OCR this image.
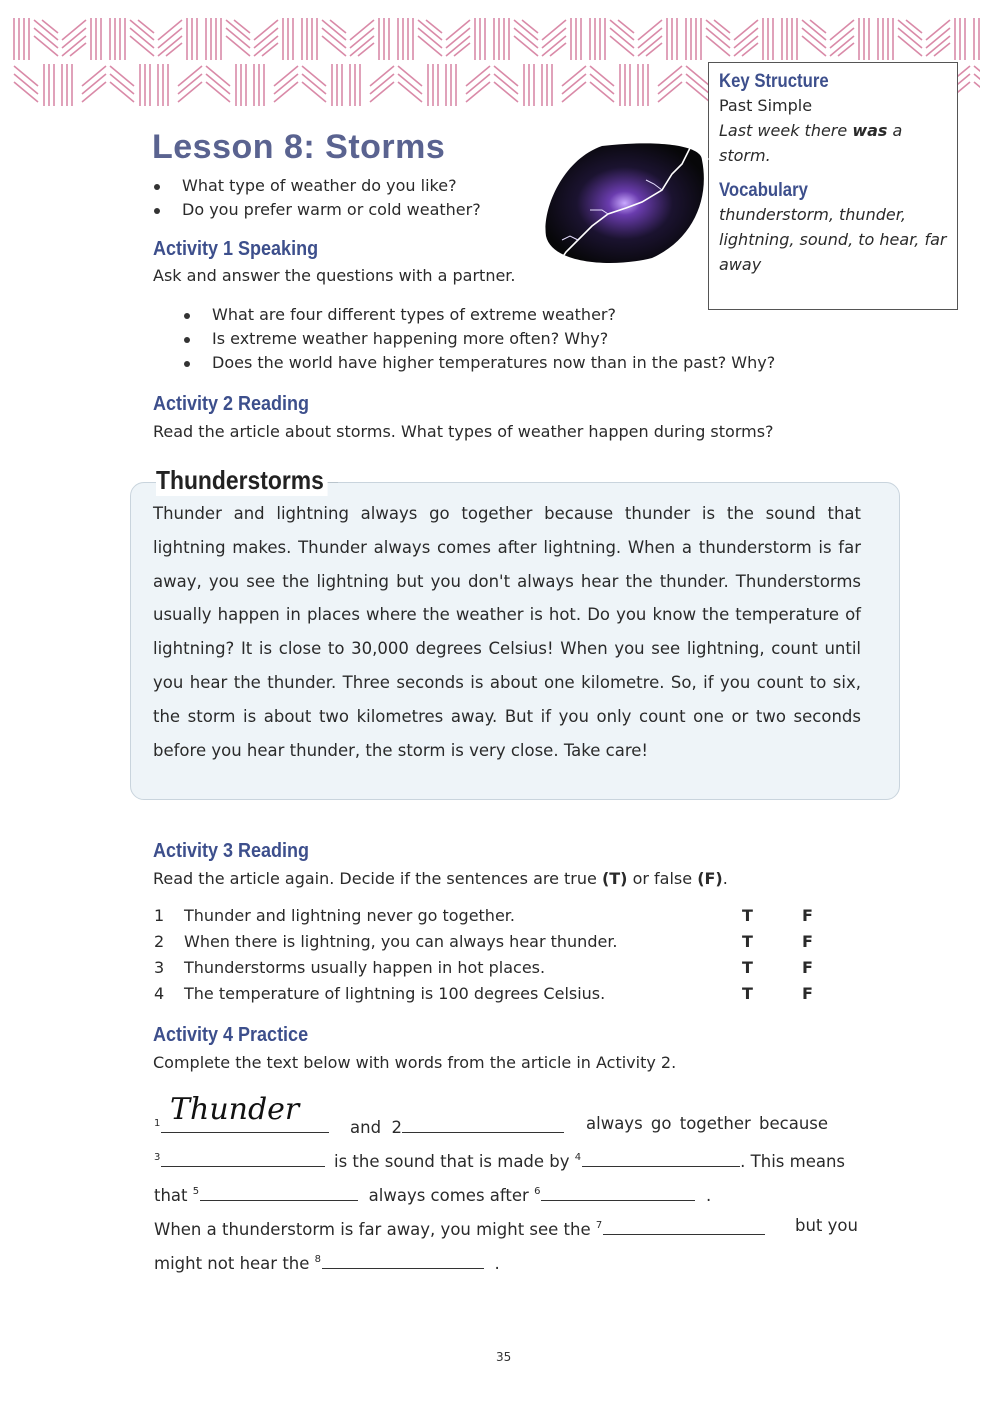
Key Structure
Past Simple
Last week there was a storm.
Vocabulary
thunderstorm, thunder, lightning, sound, to hear, far away
Lesson 8: Storms
What type of weather do you like?
Do you prefer warm or cold weather?
Activity 1 Speaking
Ask and answer the questions with a partner.
What are four different types of extreme weather?
Is extreme weather happening more often? Why?
Does the world have higher temperatures now than in the past? Why?
Activity 2 Reading
Read the article about storms. What types of weather happen during storms?
Thunderstorms
Thunder and lightning always go together because thunder is the sound that lightning makes. Thunder always comes after lightning. When a thunderstorm is far away, you see the lightning but you don't always hear the thunder. Thunderstorms usually happen in places where the weather is hot. Do you know the temperature of lightning? It is close to 30,000 degrees Celsius! When you see lightning, count until you hear the thunder. Three seconds is about one kilometre. So, if you count to six, the storm is about two kilometres away. But if you only count one or two seconds before you hear thunder, the storm is very close. Take care!
Activity 3 Reading
Read the article again. Decide if the sentences are true (T) or false (F).
1 Thunder and lightning never go together.	T	F
2 When there is lightning, you can always hear thunder.	T	F
3 Thunderstorms usually happen in hot places.	T	F
4 The temperature of lightning is 100 degrees Celsius.	T	F
Activity 4 Practice
Complete the text below with words from the article in Activity 2.
Thunder
$^1$	and 2	always go together because
$^3$	is the sound that is made by $^4$	. This means
that $^5$	always comes after $^6$	.
When a thunderstorm is far away, you might see the $^7$	but you
might not hear the $^8$	.
35
